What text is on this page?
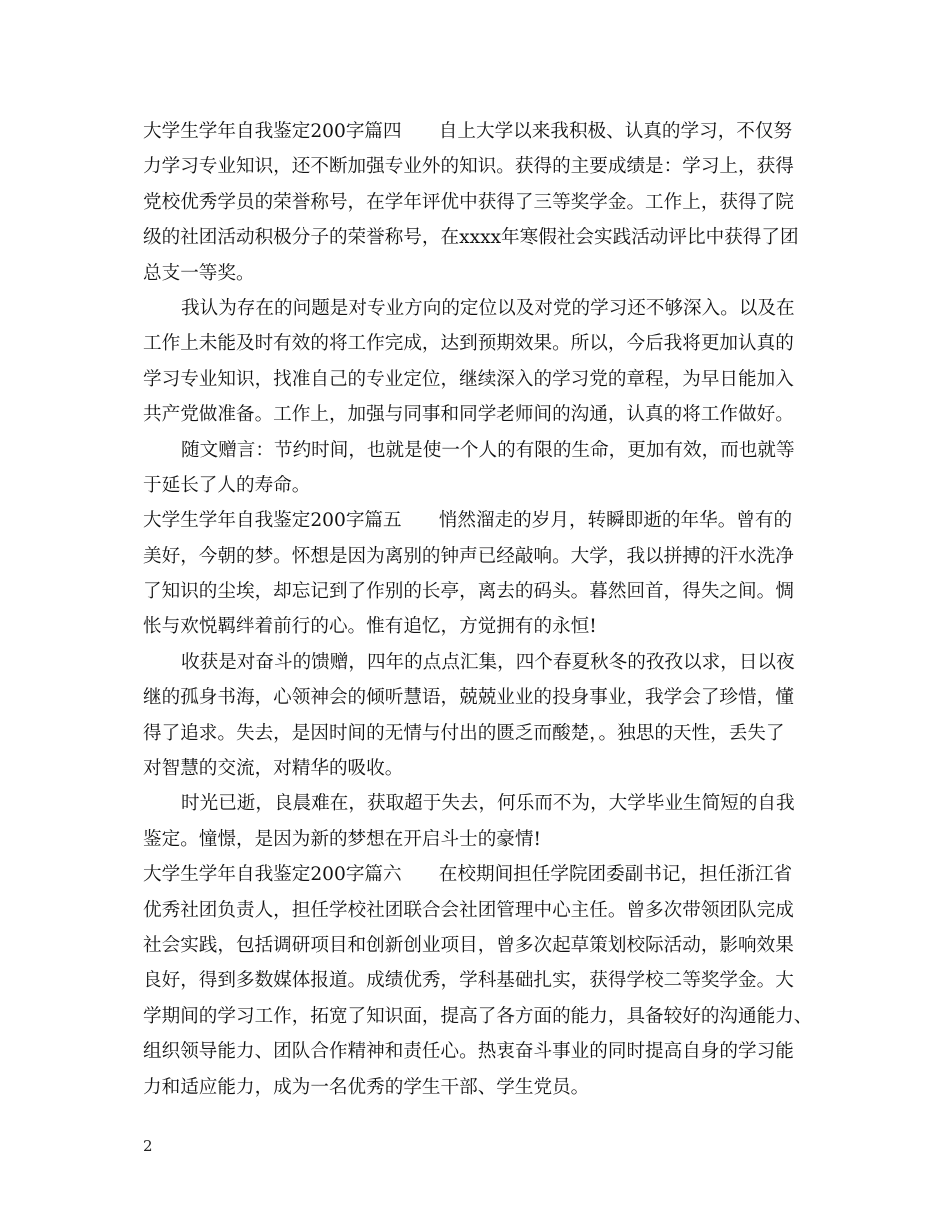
大学生学年自我鉴定200字篇四　　自上大学以来我积极、认真的学习，不仅努
力学习专业知识，还不断加强专业外的知识。获得的主要成绩是：学习上，获得
党校优秀学员的荣誉称号，在学年评优中获得了三等奖学金。工作上，获得了院
级的社团活动积极分子的荣誉称号，在xxxx年寒假社会实践活动评比中获得了团
总支一等奖。
我认为存在的问题是对专业方向的定位以及对党的学习还不够深入。以及在
工作上未能及时有效的将工作完成，达到预期效果。所以，今后我将更加认真的
学习专业知识，找准自己的专业定位，继续深入的学习党的章程，为早日能加入
共产党做准备。工作上，加强与同事和同学老师间的沟通，认真的将工作做好。
随文赠言：节约时间，也就是使一个人的有限的生命，更加有效，而也就等
于延长了人的寿命。
大学生学年自我鉴定200字篇五　　悄然溜走的岁月，转瞬即逝的年华。曾有的
美好，今朝的梦。怀想是因为离别的钟声已经敲响。大学，我以拼搏的汗水洗净
了知识的尘埃，却忘记到了作别的长亭，离去的码头。暮然回首，得失之间。惆
怅与欢悦羁绊着前行的心。惟有追忆，方觉拥有的永恒!
收获是对奋斗的馈赠，四年的点点汇集，四个春夏秋冬的孜孜以求，日以夜
继的孤身书海，心领神会的倾听慧语，兢兢业业的投身事业，我学会了珍惜，懂
得了追求。失去，是因时间的无情与付出的匮乏而酸楚，。独思的天性，丢失了
对智慧的交流，对精华的吸收。
时光已逝，良晨难在，获取超于失去，何乐而不为，大学毕业生简短的自我
鉴定。憧憬，是因为新的梦想在开启斗士的豪情!
大学生学年自我鉴定200字篇六　　在校期间担任学院团委副书记，担任浙江省
优秀社团负责人，担任学校社团联合会社团管理中心主任。曾多次带领团队完成
社会实践，包括调研项目和创新创业项目，曾多次起草策划校际活动，影响效果
良好，得到多数媒体报道。成绩优秀，学科基础扎实，获得学校二等奖学金。大
学期间的学习工作，拓宽了知识面，提高了各方面的能力，具备较好的沟通能力、
组织领导能力、团队合作精神和责任心。热衷奋斗事业的同时提高自身的学习能
力和适应能力，成为一名优秀的学生干部、学生党员。
2
